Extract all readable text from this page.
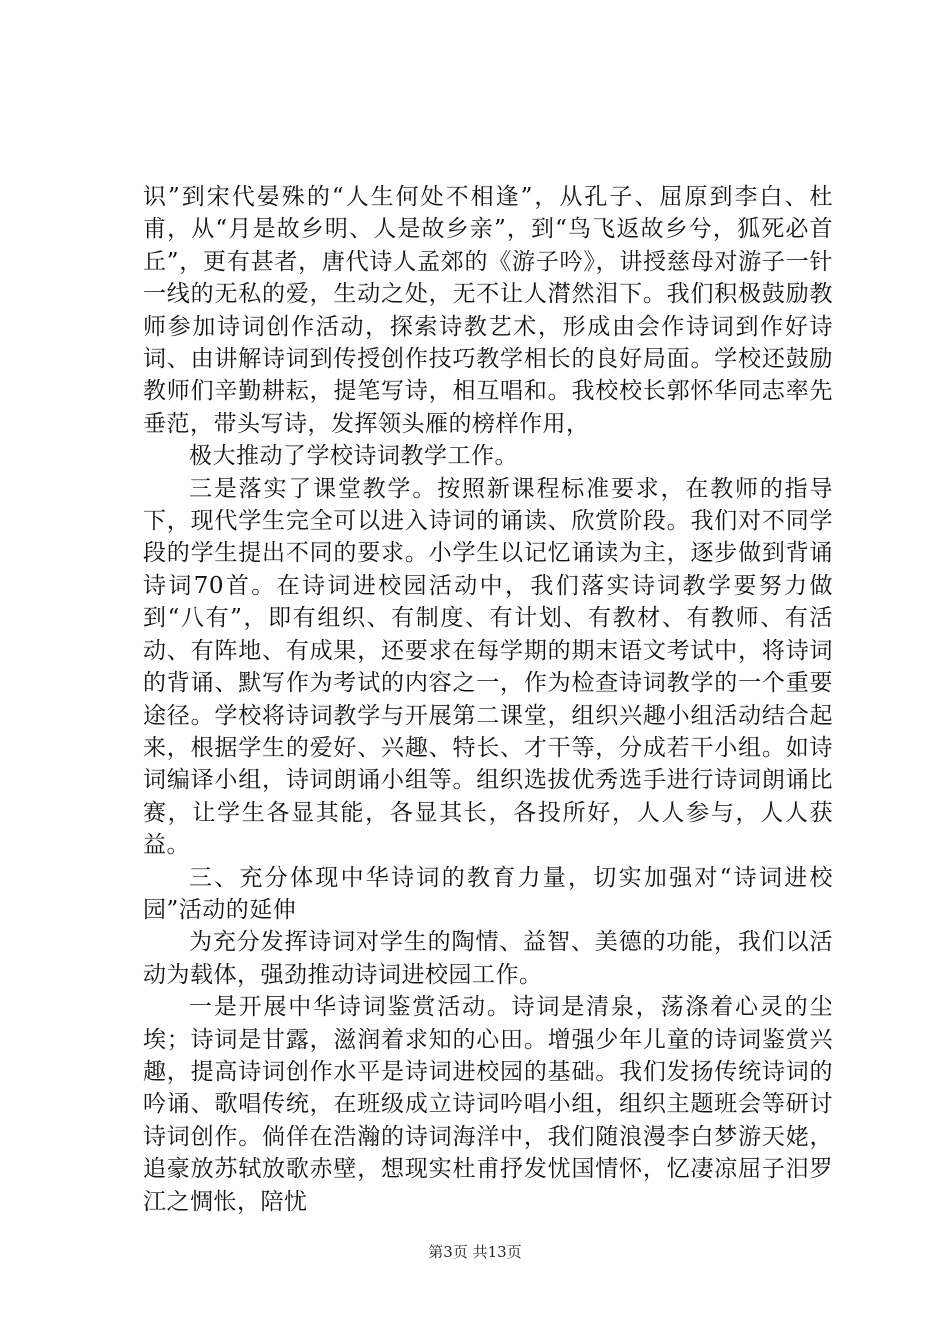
识”到宋代晏殊的“人生何处不相逢”，从孔子、屈原到李白、杜甫，从“月是故乡明、人是故乡亲”，到“鸟飞返故乡兮，狐死必首丘”，更有甚者，唐代诗人孟郊的《游子吟》，讲授慈母对游子一针一线的无私的爱，生动之处，无不让人潸然泪下。我们积极鼓励教师参加诗词创作活动，探索诗教艺术，形成由会作诗词到作好诗词、由讲解诗词到传授创作技巧教学相长的良好局面。学校还鼓励教师们辛勤耕耘，提笔写诗，相互唱和。我校校长郭怀华同志率先垂范，带头写诗，发挥领头雁的榜样作用，

极大推动了学校诗词教学工作。

三是落实了课堂教学。按照新课程标准要求，在教师的指导下，现代学生完全可以进入诗词的诵读、欣赏阶段。我们对不同学段的学生提出不同的要求。小学生以记忆诵读为主，逐步做到背诵诗词70首。在诗词进校园活动中，我们落实诗词教学要努力做到“八有”，即有组织、有制度、有计划、有教材、有教师、有活动、有阵地、有成果，还要求在每学期的期末语文考试中，将诗词的背诵、默写作为考试的内容之一，作为检查诗词教学的一个重要途径。学校将诗词教学与开展第二课堂，组织兴趣小组活动结合起来，根据学生的爱好、兴趣、特长、才干等，分成若干小组。如诗词编译小组，诗词朗诵小组等。组织选拔优秀选手进行诗词朗诵比赛，让学生各显其能，各显其长，各投所好，人人参与，人人获益。

三、充分体现中华诗词的教育力量，切实加强对“诗词进校园”活动的延伸

为充分发挥诗词对学生的陶情、益智、美德的功能，我们以活动为载体，强劲推动诗词进校园工作。

一是开展中华诗词鉴赏活动。诗词是清泉，荡涤着心灵的尘埃；诗词是甘露，滋润着求知的心田。增强少年儿童的诗词鉴赏兴趣，提高诗词创作水平是诗词进校园的基础。我们发扬传统诗词的吟诵、歌唱传统，在班级成立诗词吟唱小组，组织主题班会等研讨诗词创作。倘佯在浩瀚的诗词海洋中，我们随浪漫李白梦游天姥，追豪放苏轼放歌赤壁，想现实杜甫抒发忧国情怀，忆凄凉屈子汨罗江之惆怅，陪忧

第3页 共13页
